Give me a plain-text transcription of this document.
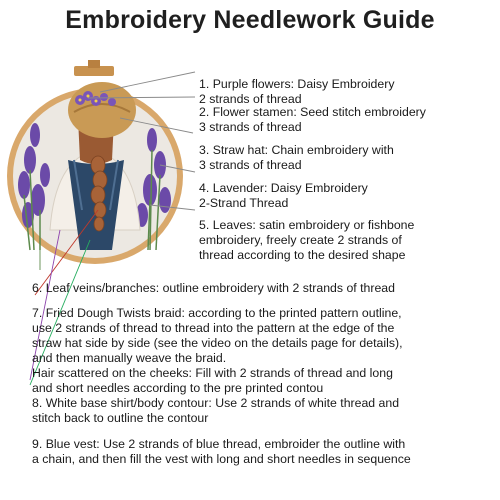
Embroidery Needlework Guide

1. Purple flowers: Daisy Embroidery
2 strands of thread

2. Flower stamen: Seed stitch embroidery
3 strands of thread

3. Straw hat: Chain embroidery with
3 strands of thread

4. Lavender: Daisy Embroidery
2-Strand Thread

5. Leaves: satin embroidery or fishbone
embroidery, freely create 2 strands of
thread according to the desired shape

6. Leaf veins/branches: outline embroidery with 2 strands of thread

7. Fried Dough Twists braid: according to the printed pattern outline,
use 2 strands of thread to thread into the pattern at the edge of the
straw hat side by side (see the video on the details page for details),
and then manually weave the braid.
Hair scattered on the cheeks: Fill with 2 strands of thread and long
and short needles according to the pre printed contou

8. White base shirt/body contour: Use 2 strands of white thread and
stitch back to outline the contour

9. Blue vest: Use 2 strands of blue thread, embroider the outline with
a chain, and then fill the vest with long and short needles in sequence
